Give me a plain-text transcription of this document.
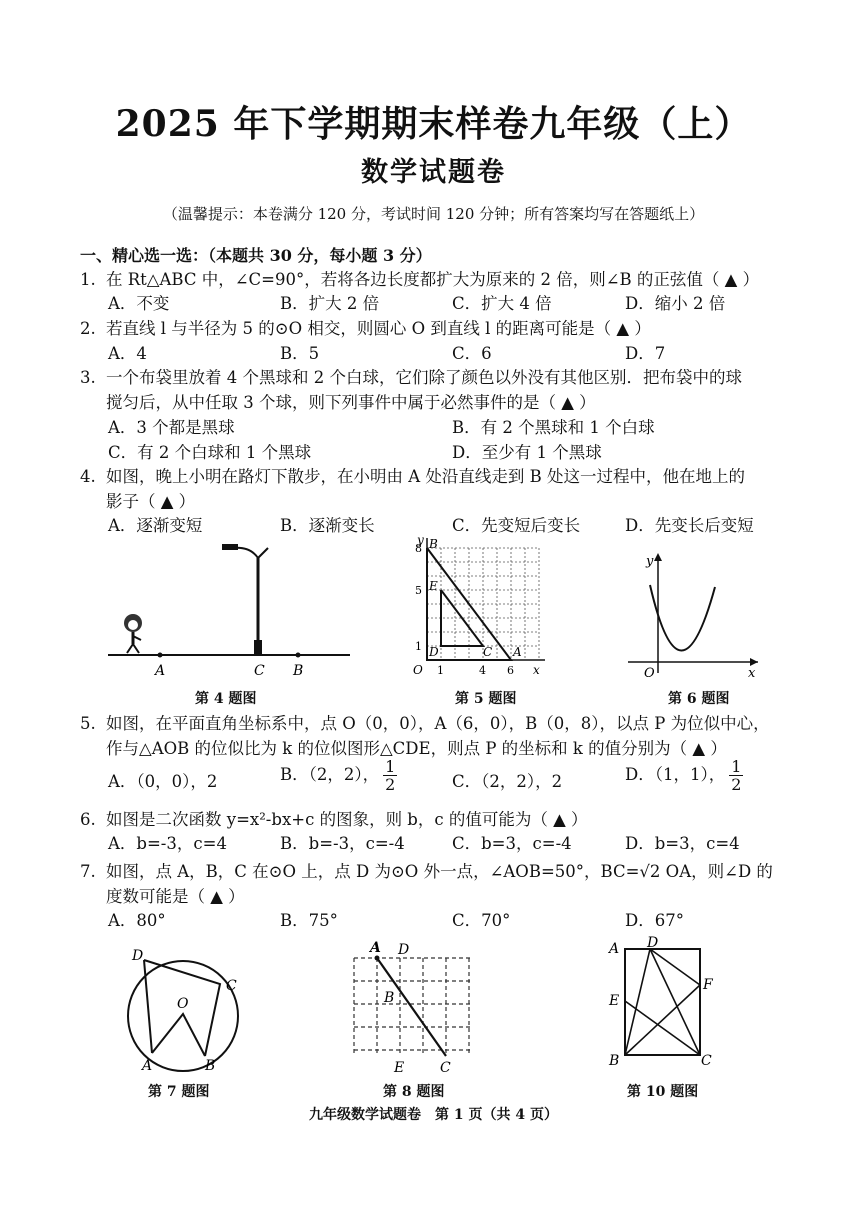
2025 年下学期期末样卷九年级（上）
数学试题卷
（温馨提示：本卷满分 120 分，考试时间 120 分钟；所有答案均写在答题纸上）
一、精心选一选：（本题共 30 分，每小题 3 分）
1. 在 Rt△ABC 中，∠C=90°，若将各边长度都扩大为原来的 2 倍，则∠B 的正弦值（ ▲ ）
A．不变	B．扩大 2 倍	C．扩大 4 倍	D．缩小 2 倍
2. 若直线 l 与半径为 5 的⊙O 相交，则圆心 O 到直线 l 的距离可能是（ ▲ ）
A．4	B．5	C．6	D．7
3. 一个布袋里放着 4 个黑球和 2 个白球，它们除了颜色以外没有其他区别．把布袋中的球
搅匀后，从中任取 3 个球，则下列事件中属于必然事件的是（ ▲ ）
A．3 个都是黑球	B．有 2 个黑球和 1 个白球
C．有 2 个白球和 1 个黑球	D．至少有 1 个黑球
4. 如图，晚上小明在路灯下散步，在小明由 A 处沿直线走到 B 处这一过程中，他在地上的
影子（ ▲ ）
A．逐渐变短	B．逐渐变长	C．先变短后变长	D．先变长后变短
A	C B
第 4 题图
y B
E
D	C A
O
8
5
1
1	4 6 x
第 5 题图
y
O	x
第 6 题图
5. 如图，在平面直角坐标系中，点 O（0，0），A（6，0），B（0，8），以点 P 为位似中心，
作与△AOB 的位似比为 k 的位似图形△CDE，则点 P 的坐标和 k 的值分别为（ ▲ ）
A．（0，0），2	B．（2，2）， $\frac{1}{2}$	C．（2，2），2	D．（1，1）， $\frac{1}{2}$
6. 如图是二次函数 y=x²-bx+c 的图象，则 b，c 的值可能为（ ▲ ）
A．b=-3，c=4	B．b=-3，c=-4	C．b=3，c=-4	D．b=3，c=4
7. 如图，点 A，B，C 在⊙O 上，点 D 为⊙O 外一点，∠AOB=50°，BC=√2 OA，则∠D 的
度数可能是（ ▲ ）
A．80°	B．75°	C．70°	D．67°
D
C
O
A	B
第 7 题图
A D
B
E	C
第 8 题图
A D
F
E
B	C
第 10 题图
九年级数学试题卷　第 1 页（共 4 页）
